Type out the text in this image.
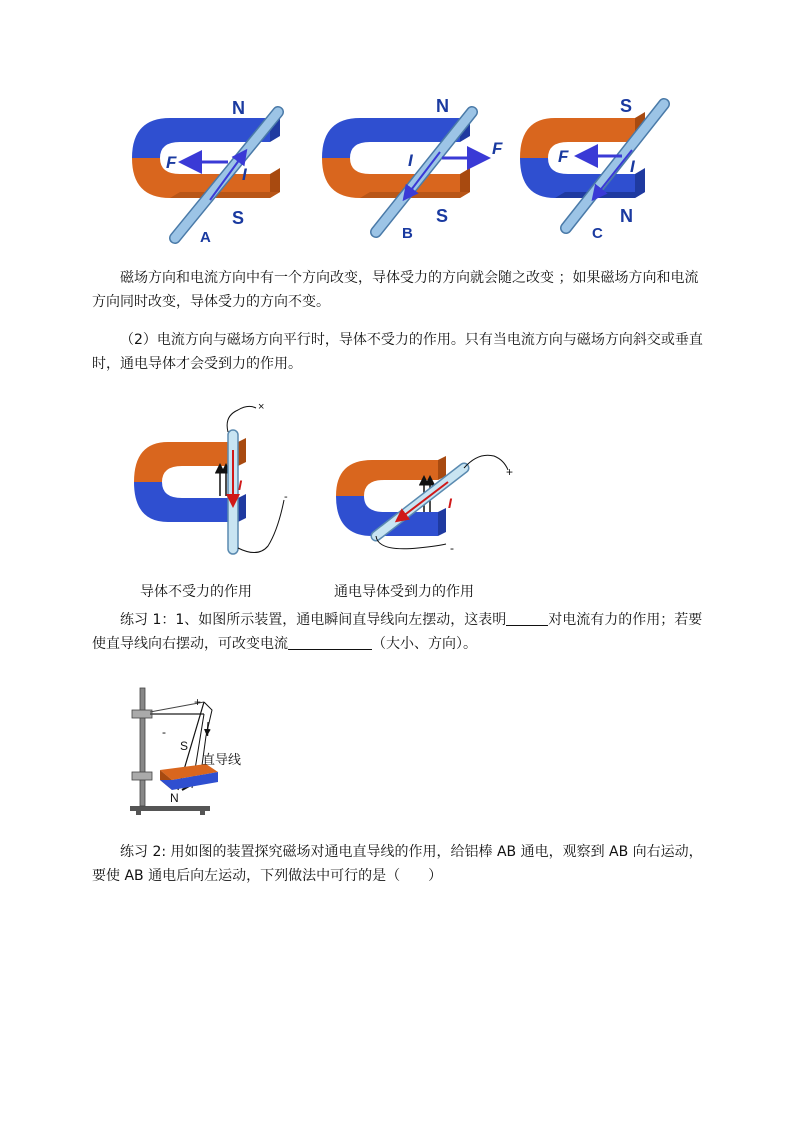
N
S
F
I
A
N
S
F
I
B
S
N
F
I
C
磁场方向和电流方向中有一个方向改变，导体受力的方向就会随之改变 ；如果磁场方向和电流方向同时改变，导体受力的方向不变。
（2）电流方向与磁场方向平行时，导体不受力的作用。只有当电流方向与磁场方向斜交或垂直时，通电导体才会受到力的作用。
I
×
-	I
+
-
导体不受力的作用	通电导体受到力的作用
练习 1：1、如图所示装置，通电瞬间直导线向左摆动，这表明	对电流有力的作用；若要使直导线向右摆动，可改变电流	（大小、方向）。
+
-	I
S
N
直导线
练习 2: 用如图的装置探究磁场对通电直导线的作用，给铝棒 AB 通电，观察到 AB 向右运动，要使 AB 通电后向左运动，下列做法中可行的是（　　）
